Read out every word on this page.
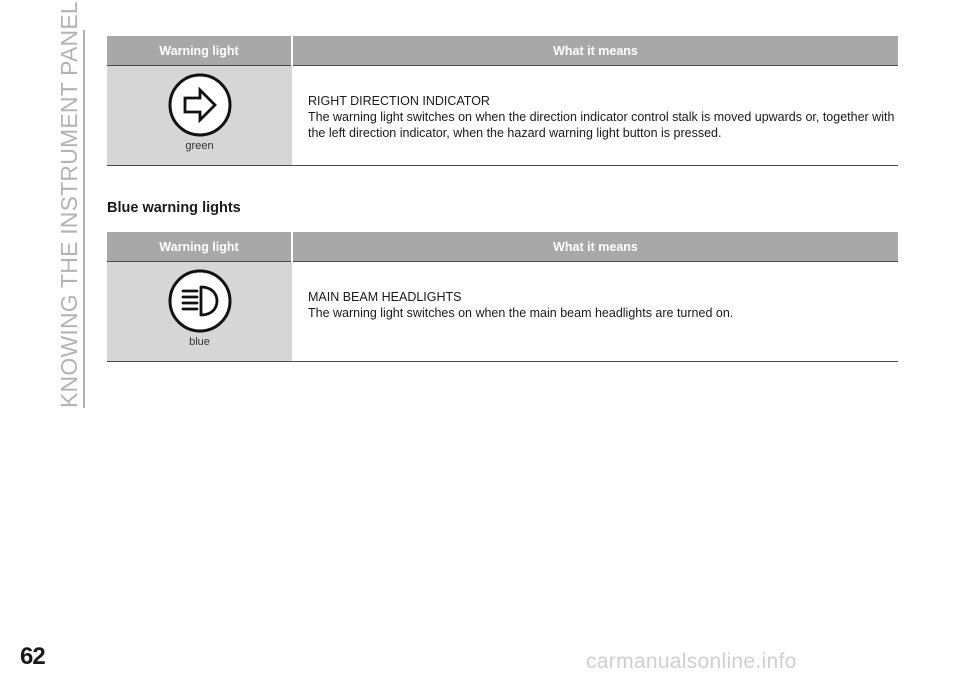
KNOWING THE INSTRUMENT PANEL	Warning light	What it means

green	RIGHT DIRECTION INDICATOR
The warning light switches on when the direction indicator control stalk is moved upwards or, together with the left direction indicator, when the hazard warning light button is pressed.
Blue warning lights
Warning light	What it means

blue	MAIN BEAM HEADLIGHTS
The warning light switches on when the main beam headlights are turned on.
62	carmanualsonline.info
